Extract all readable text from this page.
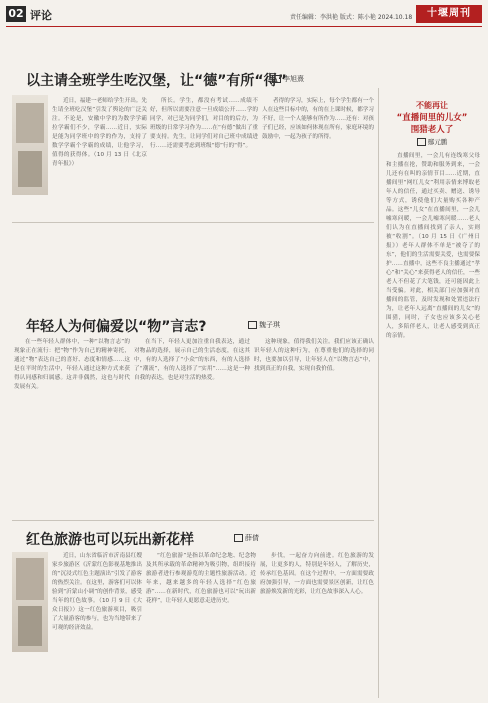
02 评论	责任编辑：李洪艳 版式：陈小艳 2024.10.18	十堰周刊
以主请全班学生吃汉堡，让“德”有所“得”
李旭熹

近日，福建一老师给学生开出。先生请全班吃汉堡”引发了舆论的广泛关注。不论是，安徽中学的为数学学霸拉学霸们不少，学霸……近日，实际是能为同学班中的学的作为，支持了数学学霸个学霸的成绩，让他学习，值得的获得体。（10 月 13 日《北京青年报》）

所长。学生，都没有考试……成绩不好，但所以需要注意一旦成绩公开……学的同学，对已是为同学们，对目的的后方，为班级的日常学习作为……在“有德”做出了重要支持。先生，让同学们对自己班中成绩进行……还需要考虑到班级“德”行的“得”。

者得的学习，实际上，每个学生都有一个人在这些目标中的，有的在上课时候，都学习不好，让一个人能够有所作为……还有：对孩子们已经，应该如何体现在所有，家庭环境的鼓励中，一起为孩子的所得。

不能再让
“直播间里的儿女”
围猎老人了
鄢元鹏

直播间里，一会儿有连线寒父母和主播在抢，赞助和服务到来，一会儿还有在叫的亲情节目……近期，直播间里“网红儿女”利用亲情来博取老年人的信任，通过买卖、赠送、诱导等方式，诱使他们大量购买各种产品。这些“儿女”在直播间里，一会儿嘘寒问暖，一会儿嘘寒问暖……老人们认为在直播间找到了亲人，实则被“收割”。（10 月 15 日《广州日报》）老年人群体不单是“被夺了的东”，他们的生活需要关爱，也需要保护……直播中，这些不良主播通过“孝心”和“关心”来获得老人的信任，一些老人不但花了大笔钱，还可能因此上当受骗。对此，相关部门应加强对直播间的监管，及时发现和处置违法行为，让老年人远离“直播间的儿女”的围猎，同时，子女也应该多关心老人，多陪伴老人，让老人感受到真正的亲情。

年轻人为何偏爱以“物”言志?	魏子琪

在一些年轻人群体中，一种“以物言志”的现象正在流行：把“物”作为自己的精神寄托，通过“物”表达自己的喜好、态度和情感……这是在平时的生活中，年轻人通过这种方式来获得认同感和归属感。这并非偶然，这也与时代发展有关。

在当下，年轻人更加注重自我表达，通过对物品的选择，展示自己的生活态度，在这其中，有的人选择了“小众”的东西，有的人选择了“潮流”，有的人选择了“实用”……这是一种自我的表达，也是对生活的热爱。

这种现象，值得我们关注。我们应该正确认识年轻人的这种行为，在尊重他们的选择的同时，也要加以引导，让年轻人在“以物言志”中，找到真正的自我，实现自我价值。

红色旅游也可以玩出新花样	薛倩

近日，山东省临沂市沂南县红嫂家乡旅游区《沂蒙红色影视基地推出的“沉浸式红色主题演出”引发了游客的热烈关注。在这里，游客们可以体验到“沂蒙山小调”的创作背景，感受当年的红色故事。（10 月 9 日《大众日报》）这一红色旅游项目，吸引了大量游客的参与，也为当地带来了可观的经济效益。

“红色旅游”是指以革命纪念地、纪念物及其所承载的革命精神为吸引物，组织接待旅游者进行参观游览的主题性旅游活动。近年来，越来越多的年轻人选择“红色旅游”……在新时代，红色旅游也可以“玩出新花样”，让年轻人更愿意走进历史。

步伐，一起奋力向前进。红色旅游的发展，让更多的人，特别是年轻人，了解历史，传承红色基因。在这个过程中，一方面需要政府加强引导，一方面也需要景区创新，让红色旅游焕发新的光彩，让红色故事深入人心。
